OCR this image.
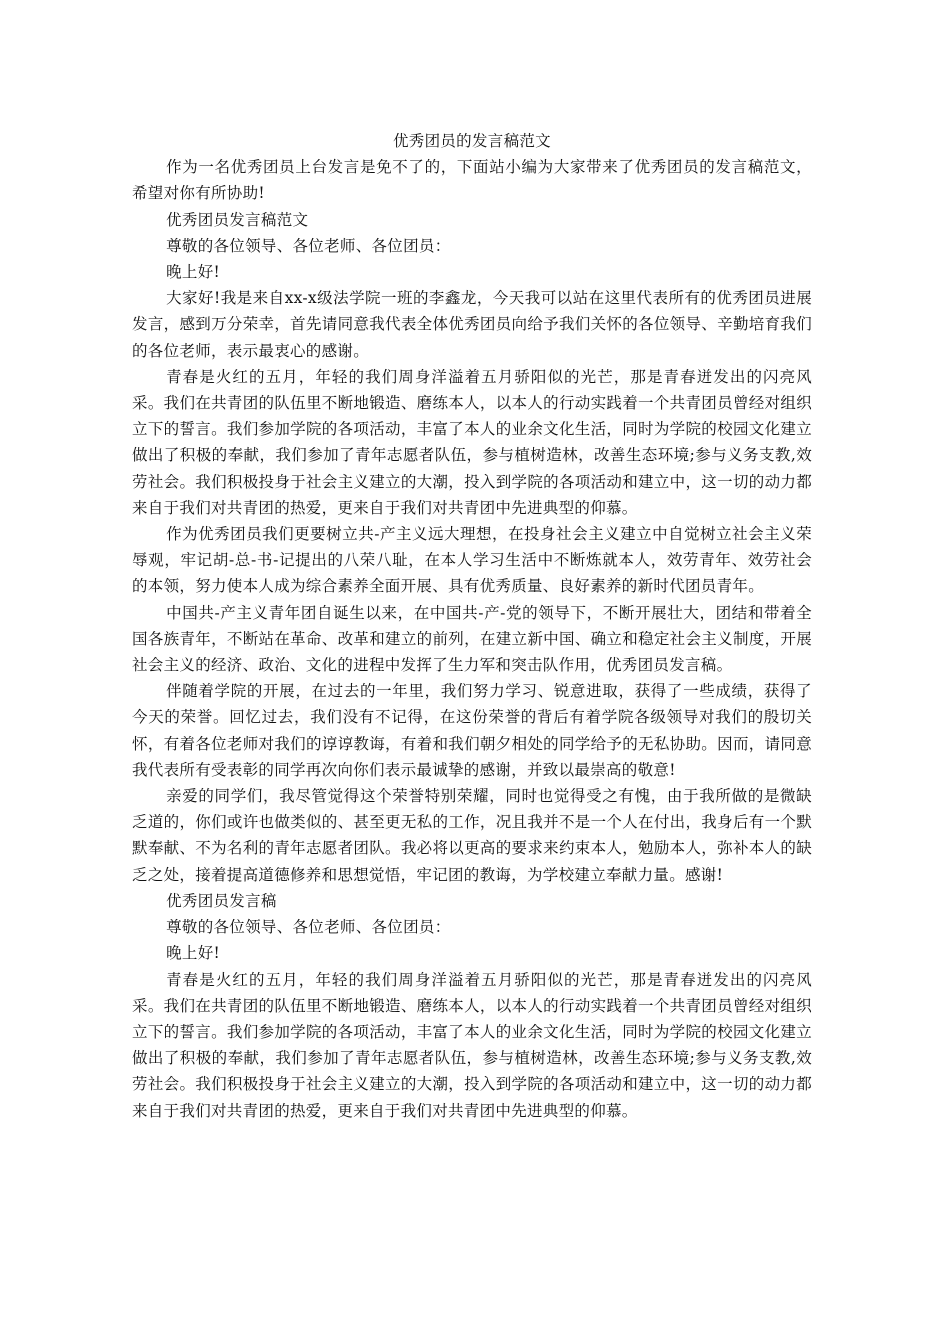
优秀团员的发言稿范文

作为一名优秀团员上台发言是免不了的，下面站小编为大家带来了优秀团员的发言稿范文，希望对你有所协助!

优秀团员发言稿范文

尊敬的各位领导、各位老师、各位团员：

晚上好!

大家好!我是来自xx-x级法学院一班的李鑫龙，今天我可以站在这里代表所有的优秀团员进展发言，感到万分荣幸，首先请同意我代表全体优秀团员向给予我们关怀的各位领导、辛勤培育我们的各位老师，表示最衷心的感谢。

青春是火红的五月，年轻的我们周身洋溢着五月骄阳似的光芒，那是青春迸发出的闪亮风采。我们在共青团的队伍里不断地锻造、磨练本人，以本人的行动实践着一个共青团员曾经对组织立下的誓言。我们参加学院的各项活动，丰富了本人的业余文化生活，同时为学院的校园文化建立做出了积极的奉献，我们参加了青年志愿者队伍，参与植树造林，改善生态环境;参与义务支教,效劳社会。我们积极投身于社会主义建立的大潮，投入到学院的各项活动和建立中，这一切的动力都来自于我们对共青团的热爱，更来自于我们对共青团中先进典型的仰慕。

作为优秀团员我们更要树立共-产主义远大理想，在投身社会主义建立中自觉树立社会主义荣辱观，牢记胡-总-书-记提出的八荣八耻，在本人学习生活中不断炼就本人，效劳青年、效劳社会的本领，努力使本人成为综合素养全面开展、具有优秀质量、良好素养的新时代团员青年。

中国共-产主义青年团自诞生以来，在中国共-产-党的领导下，不断开展壮大，团结和带着全国各族青年，不断站在革命、改革和建立的前列，在建立新中国、确立和稳定社会主义制度，开展社会主义的经济、政治、文化的进程中发挥了生力军和突击队作用，优秀团员发言稿。

伴随着学院的开展，在过去的一年里，我们努力学习、锐意进取，获得了一些成绩，获得了今天的荣誉。回忆过去，我们没有不记得，在这份荣誉的背后有着学院各级领导对我们的殷切关怀，有着各位老师对我们的谆谆教诲，有着和我们朝夕相处的同学给予的无私协助。因而，请同意我代表所有受表彰的同学再次向你们表示最诚挚的感谢，并致以最崇高的敬意!

亲爱的同学们，我尽管觉得这个荣誉特别荣耀，同时也觉得受之有愧，由于我所做的是微缺乏道的，你们或许也做类似的、甚至更无私的工作，况且我并不是一个人在付出，我身后有一个默默奉献、不为名利的青年志愿者团队。我必将以更高的要求来约束本人，勉励本人，弥补本人的缺乏之处，接着提高道德修养和思想觉悟，牢记团的教诲，为学校建立奉献力量。感谢!

优秀团员发言稿

尊敬的各位领导、各位老师、各位团员：

晚上好!

青春是火红的五月，年轻的我们周身洋溢着五月骄阳似的光芒，那是青春迸发出的闪亮风采。我们在共青团的队伍里不断地锻造、磨练本人，以本人的行动实践着一个共青团员曾经对组织立下的誓言。我们参加学院的各项活动，丰富了本人的业余文化生活，同时为学院的校园文化建立做出了积极的奉献，我们参加了青年志愿者队伍，参与植树造林，改善生态环境;参与义务支教,效劳社会。我们积极投身于社会主义建立的大潮，投入到学院的各项活动和建立中，这一切的动力都来自于我们对共青团的热爱，更来自于我们对共青团中先进典型的仰慕。
